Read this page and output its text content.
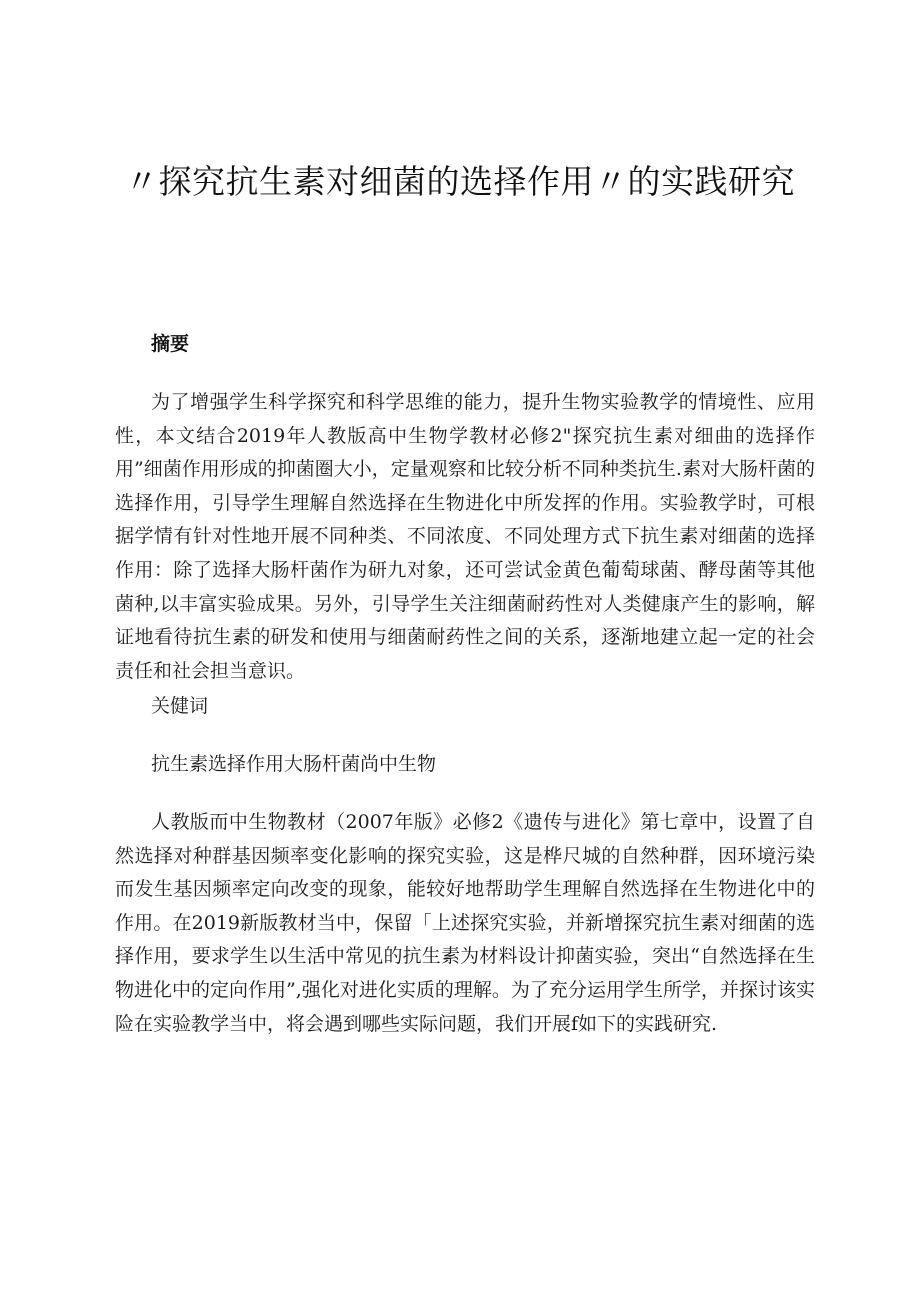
〃探究抗生素对细菌的选择作用〃的实践研究
摘要

为了增强学生科学探究和科学思维的能力，提升生物实验教学的情境性、应用性，本文结合2019年人教版高中生物学教材必修2"探究抗生素对细曲的选择作用”细菌作用形成的抑菌圈大小，定量观察和比较分析不同种类抗生.素对大肠杆菌的选择作用，引导学生理解自然选择在生物进化中所发挥的作用。实验教学时，可根据学情有针对性地开展不同种类、不同浓度、不同处理方式下抗生素对细菌的选择作用：除了选择大肠杆菌作为研九对象，还可尝试金黄色葡萄球菌、酵母菌等其他菌种,以丰富实验成果。另外，引导学生关注细菌耐药性对人类健康产生的影响，解证地看待抗生素的研发和使用与细菌耐药性之间的关系，逐渐地建立起一定的社会责任和社会担当意识。

关健词
抗生素选择作用大肠杆菌尚中生物

人教版而中生物教材（2007年版》必修2《遗传与进化》第七章中，设置了自然选择对种群基因频率变化影响的探究实验，这是桦尺城的自然种群，因环境污染而发生基因频率定向改变的现象，能较好地帮助学生理解自然选择在生物进化中的作用。在2019新版教材当中，保留「上述探究实验，并新增探究抗生素对细菌的选择作用，要求学生以生活中常见的抗生素为材料设计抑菌实验，突出“自然选择在生物进化中的定向作用”,强化对进化实质的理解。为了充分运用学生所学，并探讨该实险在实验教学当中，将会遇到哪些实际问题，我们开展f如下的实践研究.
